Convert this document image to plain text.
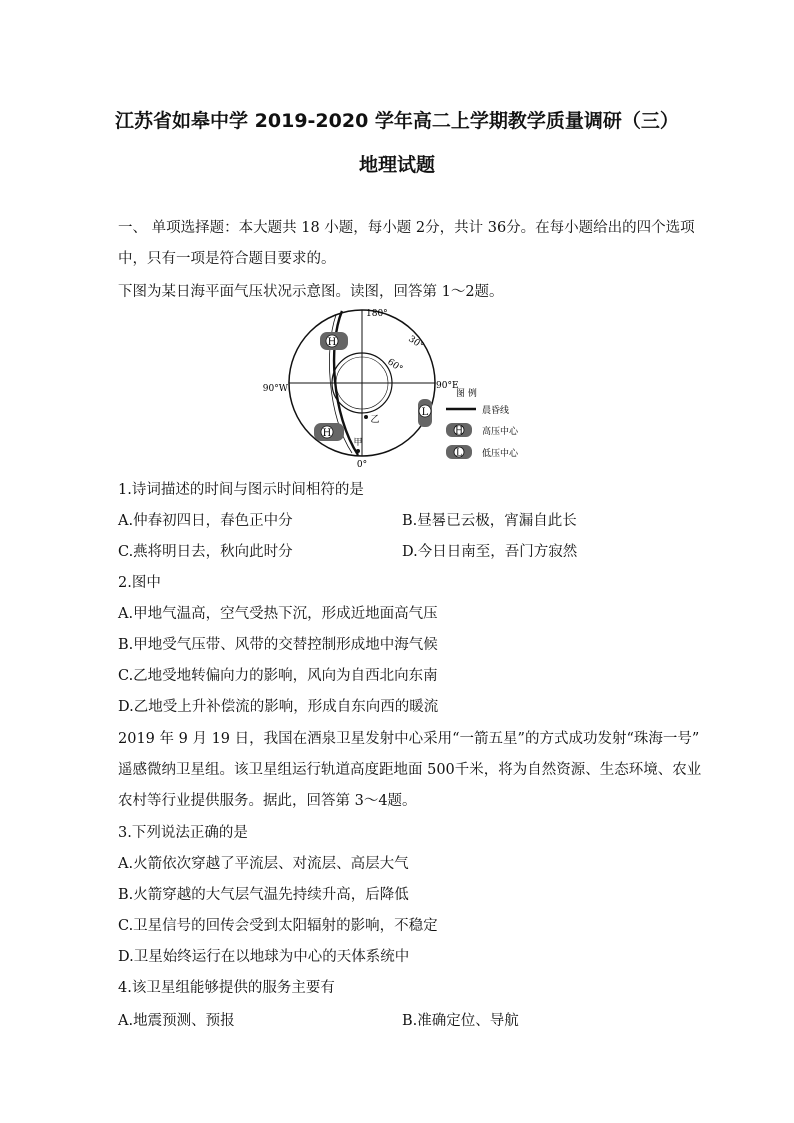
江苏省如皋中学 2019-2020 学年高二上学期教学质量调研（三）
地理试题
一、 单项选择题：本大题共 18 小题，每小题 2分，共计 36分。在每小题给出的四个选项
中，只有一项是符合题目要求的。
下图为某日海平面气压状况示意图。读图，回答第 1～2题。
H
H
L
甲
乙
180°
0°
90°W	90°E
30°
60°
图 例
晨昏线
H 高压中心
L 低压中心
1.诗词描述的时间与图示时间相符的是
A.仲春初四日，春色正中分	B.昼晷已云极，宵漏自此长
C.燕将明日去，秋向此时分	D.今日日南至，吾门方寂然
2.图中
A.甲地气温高，空气受热下沉，形成近地面高气压
B.甲地受气压带、风带的交替控制形成地中海气候
C.乙地受地转偏向力的影响，风向为自西北向东南
D.乙地受上升补偿流的影响，形成自东向西的暖流
2019 年 9 月 19 日，我国在酒泉卫星发射中心采用“一箭五星”的方式成功发射“珠海一号”
遥感微纳卫星组。该卫星组运行轨道高度距地面 500千米，将为自然资源、生态环境、农业
农村等行业提供服务。据此，回答第 3～4题。
3.下列说法正确的是
A.火箭依次穿越了平流层、对流层、高层大气
B.火箭穿越的大气层气温先持续升高，后降低
C.卫星信号的回传会受到太阳辐射的影响，不稳定
D.卫星始终运行在以地球为中心的天体系统中
4.该卫星组能够提供的服务主要有
A.地震预测、预报	B.准确定位、导航
